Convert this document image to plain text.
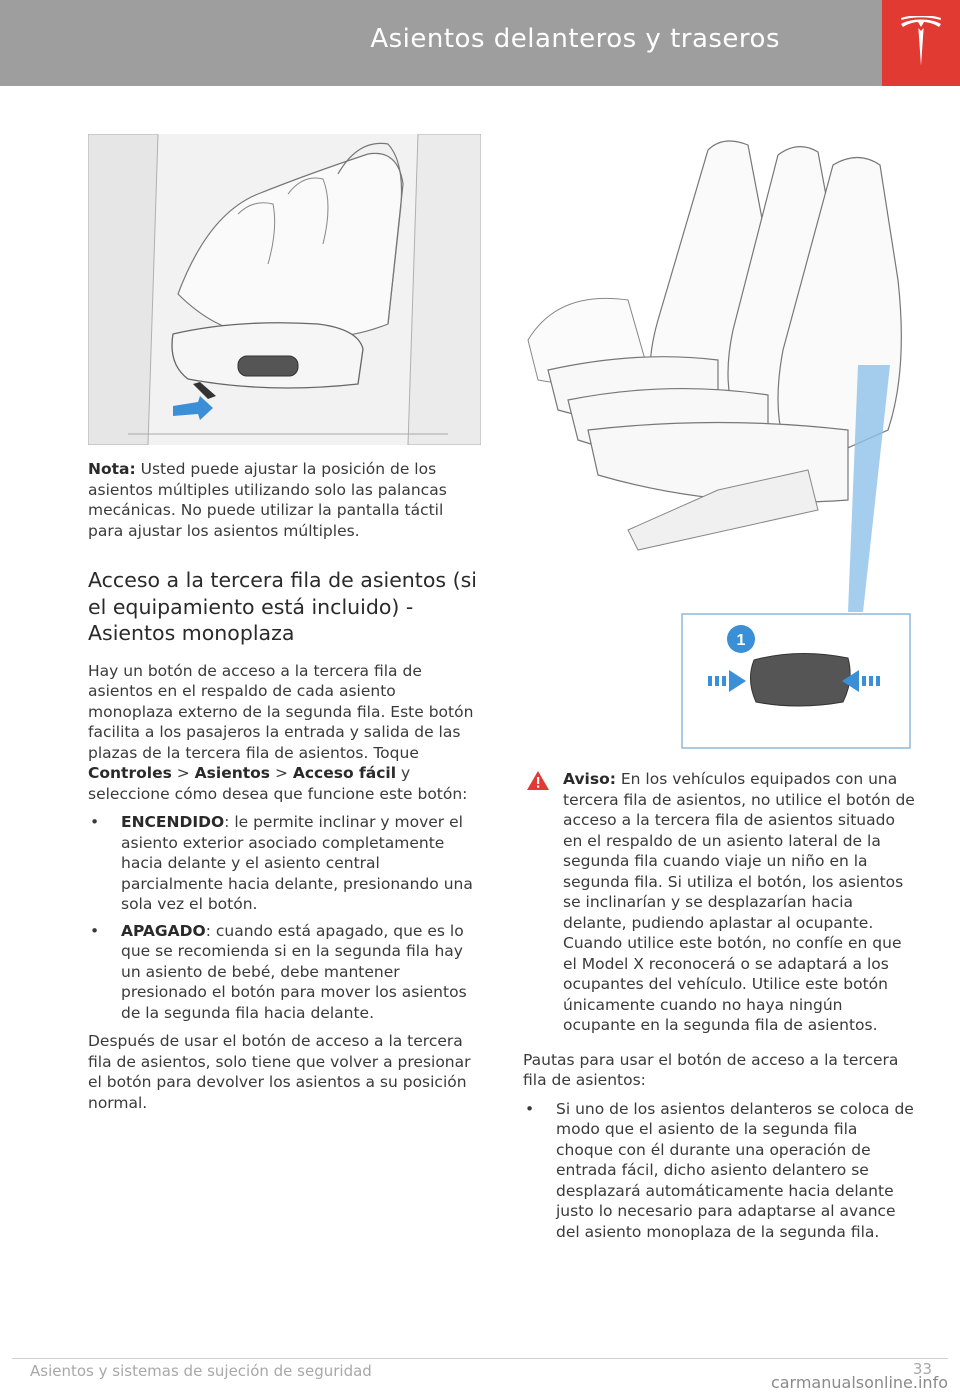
Asientos delanteros y traseros
1

Nota: Usted puede ajustar la posición de los asientos múltiples utilizando solo las palancas mecánicas. No puede utilizar la pantalla táctil para ajustar los asientos múltiples.

Acceso a la tercera fila de asientos (si el equipamiento está incluido) - Asientos monoplaza

Hay un botón de acceso a la tercera fila de asientos en el respaldo de cada asiento monoplaza externo de la segunda fila. Este botón facilita a los pasajeros la entrada y salida de las plazas de la tercera fila de asientos. Toque Controles > Asientos > Acceso fácil y seleccione cómo desea que funcione este botón:

• ENCENDIDO: le permite inclinar y mover el asiento exterior asociado completamente hacia delante y el asiento central parcialmente hacia delante, presionando una sola vez el botón.
• APAGADO: cuando está apagado, que es lo que se recomienda si en la segunda fila hay un asiento de bebé, debe mantener presionado el botón para mover los asientos de la segunda fila hacia delante.

Después de usar el botón de acceso a la tercera fila de asientos, solo tiene que volver a presionar el botón para devolver los asientos a su posición normal.

Aviso: En los vehículos equipados con una tercera fila de asientos, no utilice el botón de acceso a la tercera fila de asientos situado en el respaldo de un asiento lateral de la segunda fila cuando viaje un niño en la segunda fila. Si utiliza el botón, los asientos se inclinarían y se desplazarían hacia delante, pudiendo aplastar al ocupante. Cuando utilice este botón, no confíe en que el Model X reconocerá o se adaptará a los ocupantes del vehículo. Utilice este botón únicamente cuando no haya ningún ocupante en la segunda fila de asientos.

Pautas para usar el botón de acceso a la tercera fila de asientos:

• Si uno de los asientos delanteros se coloca de modo que el asiento de la segunda fila choque con él durante una operación de entrada fácil, dicho asiento delantero se desplazará automáticamente hacia delante justo lo necesario para adaptarse al avance del asiento monoplaza de la segunda fila.
Asientos y sistemas de sujeción de seguridad	33
carmanualsonline.info
